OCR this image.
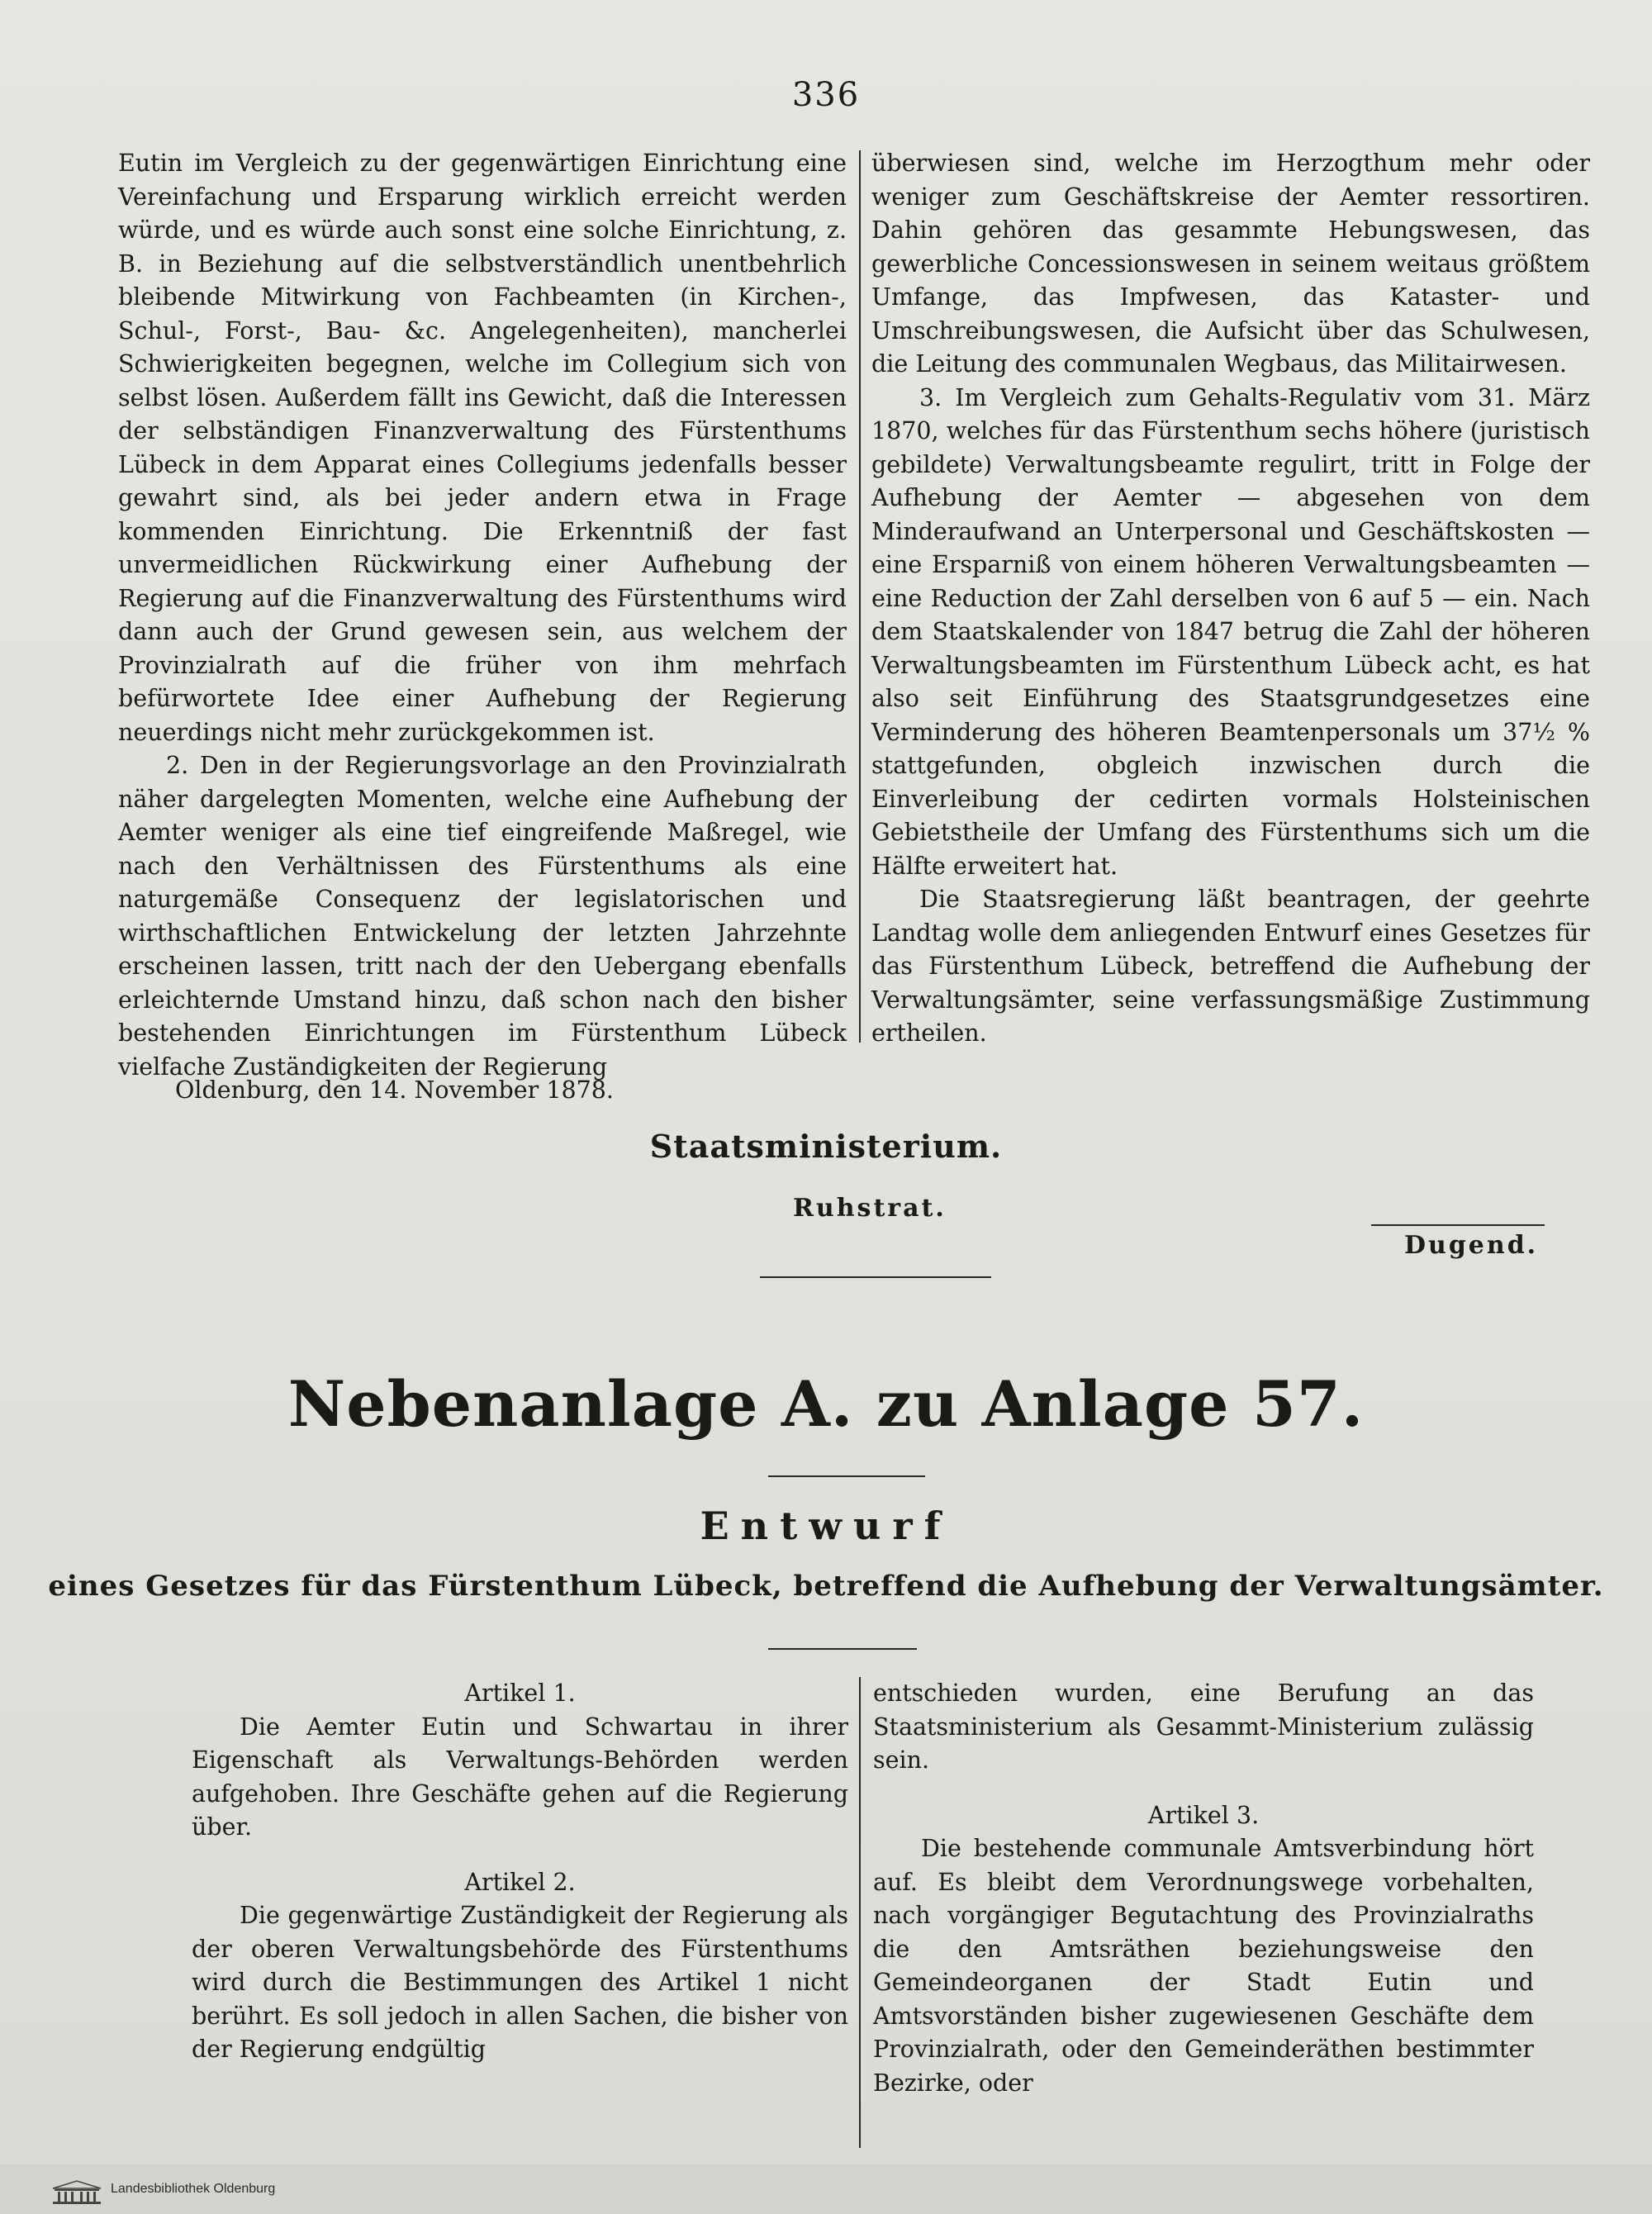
336

Eutin im Vergleich zu der gegenwärtigen Einrichtung eine Vereinfachung und Ersparung wirklich erreicht werden würde, und es würde auch sonst eine solche Einrichtung, z. B. in Beziehung auf die selbstverständlich unentbehrlich bleibende Mitwirkung von Fachbeamten (in Kirchen-, Schul-, Forst-, Bau- &c. Angelegenheiten), mancherlei Schwierigkeiten begegnen, welche im Collegium sich von selbst lösen. Außerdem fällt ins Gewicht, daß die Interessen der selbständigen Finanzverwaltung des Fürstenthums Lübeck in dem Apparat eines Collegiums jedenfalls besser gewahrt sind, als bei jeder andern etwa in Frage kommenden Einrichtung. Die Erkenntniß der fast unvermeidlichen Rückwirkung einer Aufhebung der Regierung auf die Finanzverwaltung des Fürstenthums wird dann auch der Grund gewesen sein, aus welchem der Provinzialrath auf die früher von ihm mehrfach befürwortete Idee einer Aufhebung der Regierung neuerdings nicht mehr zurückgekommen ist.

2. Den in der Regierungsvorlage an den Provinzialrath näher dargelegten Momenten, welche eine Aufhebung der Aemter weniger als eine tief eingreifende Maßregel, wie nach den Verhältnissen des Fürstenthums als eine naturgemäße Consequenz der legislatorischen und wirthschaftlichen Entwickelung der letzten Jahrzehnte erscheinen lassen, tritt nach der den Uebergang ebenfalls erleichternde Umstand hinzu, daß schon nach den bisher bestehenden Einrichtungen im Fürstenthum Lübeck vielfache Zuständigkeiten der Regierung

überwiesen sind, welche im Herzogthum mehr oder weniger zum Geschäftskreise der Aemter ressortiren. Dahin gehören das gesammte Hebungswesen, das gewerbliche Concessionswesen in seinem weitaus größtem Umfange, das Impfwesen, das Kataster- und Umschreibungswesen, die Aufsicht über das Schulwesen, die Leitung des communalen Wegbaus, das Militairwesen.

3. Im Vergleich zum Gehalts-Regulativ vom 31. März 1870, welches für das Fürstenthum sechs höhere (juristisch gebildete) Verwaltungsbeamte regulirt, tritt in Folge der Aufhebung der Aemter — abgesehen von dem Minderaufwand an Unterpersonal und Geschäftskosten — eine Ersparniß von einem höheren Verwaltungsbeamten — eine Reduction der Zahl derselben von 6 auf 5 — ein. Nach dem Staatskalender von 1847 betrug die Zahl der höheren Verwaltungsbeamten im Fürstenthum Lübeck acht, es hat also seit Einführung des Staatsgrundgesetzes eine Verminderung des höheren Beamtenpersonals um 37½ % stattgefunden, obgleich inzwischen durch die Einverleibung der cedirten vormals Holsteinischen Gebietstheile der Umfang des Fürstenthums sich um die Hälfte erweitert hat.

Die Staatsregierung läßt beantragen, der geehrte Landtag wolle dem anliegenden Entwurf eines Gesetzes für das Fürstenthum Lübeck, betreffend die Aufhebung der Verwaltungsämter, seine verfassungsmäßige Zustimmung ertheilen.

Oldenburg, den 14. November 1878.
Staatsministerium.
Ruhstrat.
Dugend.
Nebenanlage A. zu Anlage 57.
Entwurf
eines Gesetzes für das Fürstenthum Lübeck, betreffend die Aufhebung der Verwaltungsämter.

Artikel 1.

Die Aemter Eutin und Schwartau in ihrer Eigenschaft als Verwaltungs-Behörden werden aufgehoben. Ihre Geschäfte gehen auf die Regierung über.

Artikel 2.

Die gegenwärtige Zuständigkeit der Regierung als der oberen Verwaltungsbehörde des Fürstenthums wird durch die Bestimmungen des Artikel 1 nicht berührt. Es soll jedoch in allen Sachen, die bisher von der Regierung endgültig

entschieden wurden, eine Berufung an das Staatsministerium als Gesammt-Ministerium zulässig sein.

Artikel 3.

Die bestehende communale Amtsverbindung hört auf. Es bleibt dem Verordnungswege vorbehalten, nach vorgängiger Begutachtung des Provinzialraths die den Amtsräthen beziehungsweise den Gemeindeorganen der Stadt Eutin und Amtsvorständen bisher zugewiesenen Geschäfte dem Provinzialrath, oder den Gemeinderäthen bestimmter Bezirke, oder

Landesbibliothek Oldenburg
